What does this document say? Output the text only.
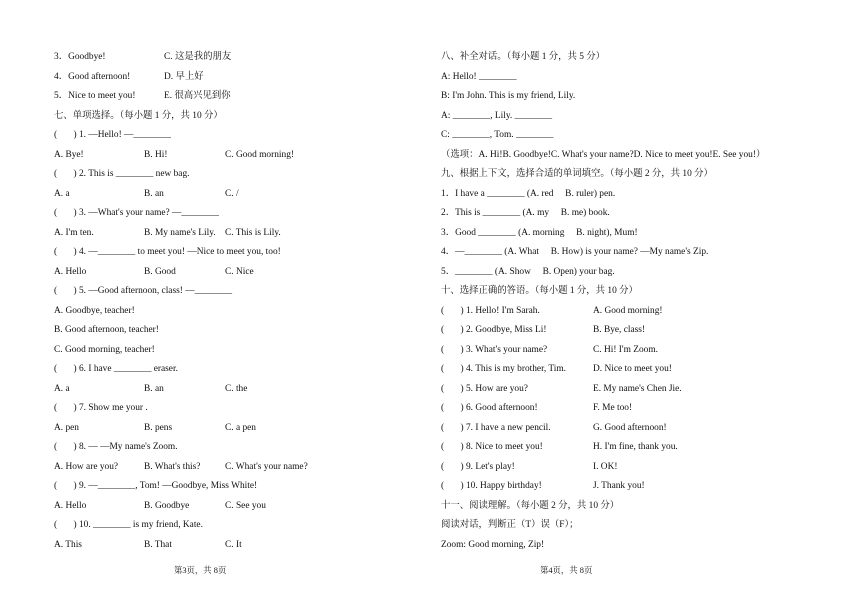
3．Goodbye!	C. 这是我的朋友
4．Good afternoon!	D. 早上好
5．Nice to meet you!	E. 很高兴见到你
七、单项选择。（每小题 1 分，共 10 分）
(       ) 1. —Hello! —________
A. Bye!	B. Hi!	C. Good morning!
(       ) 2. This is ________ new bag.
A. a	B. an	C. /
(       ) 3. —What's your name? —________
A. I'm ten.	B. My name's Lily. C. This is Lily.
(       ) 4. —________ to meet you! —Nice to meet you, too!
A. Hello	B. Good	C. Nice
(       ) 5. —Good afternoon, class! —________
A. Goodbye, teacher!
B. Good afternoon, teacher!
C. Good morning, teacher!
(       ) 6. I have ________ eraser.
A. a	B. an	C. the
(       ) 7. Show me your .
A. pen	B. pens	C. a pen
(       ) 8. — —My name's Zoom.
A. How are you?	B. What's this?	C. What's your name?
(       ) 9. —________, Tom! —Goodbye, Miss White!
A. Hello	B. Goodbye	C. See you
(       ) 10. ________ is my friend, Kate.
A. This	B. That	C. It
八、补全对话。（每小题 1 分，共 5 分）
A: Hello! ________
B: I'm John. This is my friend, Lily.
A: ________, Lily. ________
C: ________, Tom. ________
（选项：A. Hi!B. Goodbye!C. What's your name?D. Nice to meet you!E. See you!）
九、根据上下文，选择合适的单词填空。（每小题 2 分，共 10 分）
1．I have a ________ (A. red     B. ruler) pen.
2．This is ________ (A. my     B. me) book.
3．Good ________ (A. morning     B. night), Mum!
4．—________ (A. What     B. How) is your name? —My name's Zip.
5．________ (A. Show     B. Open) your bag.
十、选择正确的答语。（每小题 1 分，共 10 分）
(       ) 1. Hello! I'm Sarah.	A. Good morning!
(       ) 2. Goodbye, Miss Li!	B. Bye, class!
(       ) 3. What's your name?	C. Hi! I'm Zoom.
(       ) 4. This is my brother, Tim.	D. Nice to meet you!
(       ) 5. How are you?	E. My name's Chen Jie.
(       ) 6. Good afternoon!	F. Me too!
(       ) 7. I have a new pencil.	G. Good afternoon!
(       ) 8. Nice to meet you!	H. I'm fine, thank you.
(       ) 9. Let's play!	I. OK!
(       ) 10. Happy birthday!	J. Thank you!
十一、阅读理解。（每小题 2 分，共 10 分）
阅读对话，判断正（T）误（F）；
Zoom: Good morning, Zip!
第3页，共 8页	第4页，共 8页
